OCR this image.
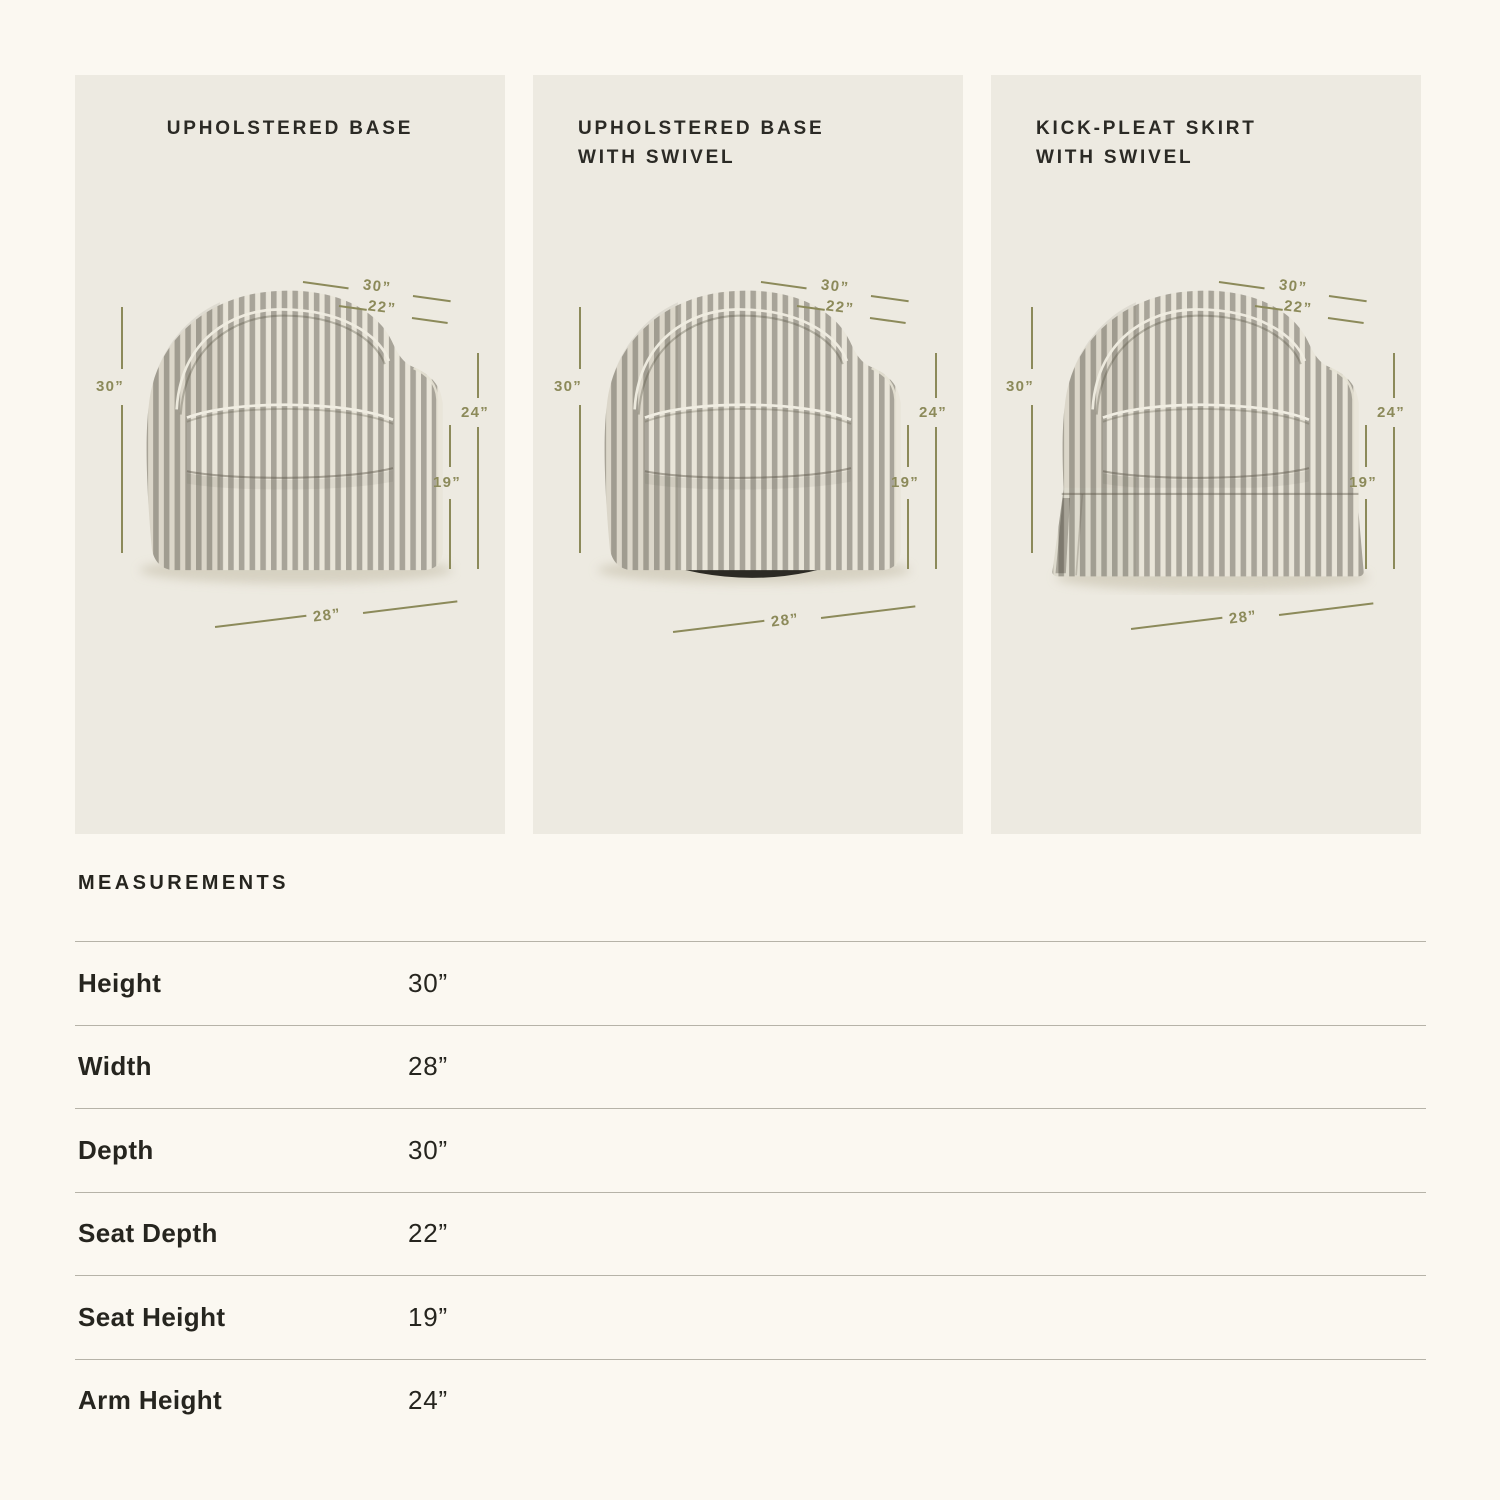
UPHOLSTERED BASE

30”
30”
22”
24”
19”
28”
UPHOLSTERED BASE
WITH SWIVEL
30”
30”
22”
24”
19”
28”
KICK-PLEAT SKIRT
WITH SWIVEL
30”
30”
22”
24”
19”
28”
MEASUREMENTS
Height	30”
Width	28”
Depth	30”
Seat Depth	22”
Seat Height	19”
Arm Height	24”
